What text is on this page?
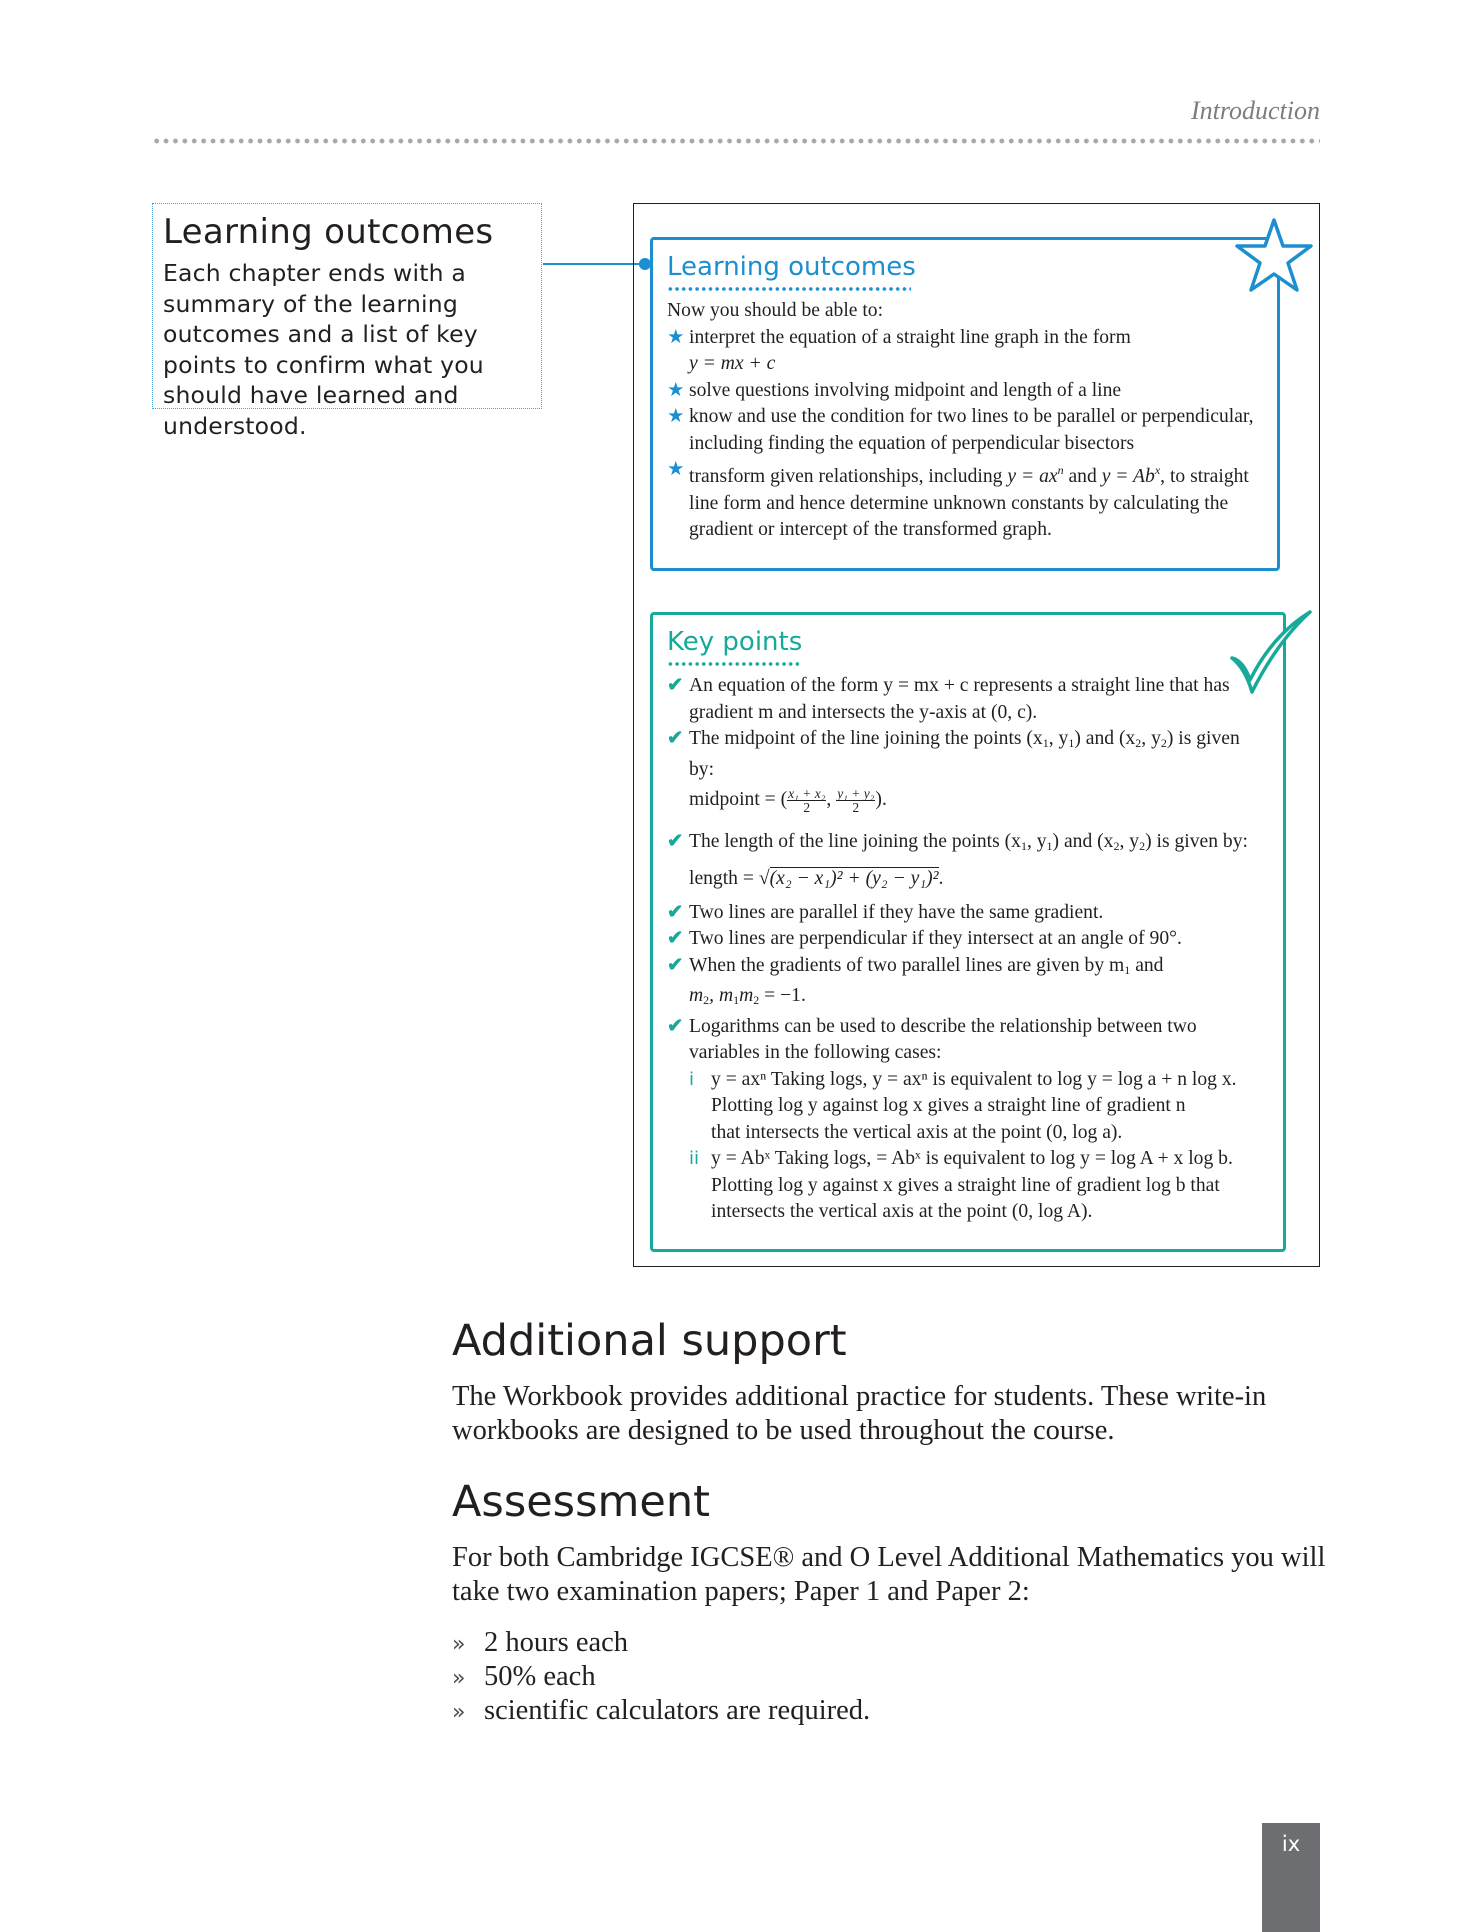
Introduction
Learning outcomes

Each chapter ends with a summary of the learning outcomes and a list of key points to confirm what you should have learned and understood.

Learning outcomes
Now you should be able to:
★ interpret the equation of a straight line graph in the form
y = mx + c
★ solve questions involving midpoint and length of a line
★ know and use the condition for two lines to be parallel or perpendicular, including finding the equation of perpendicular bisectors
★ transform given relationships, including $y = ax^n$ and $y = Ab^x$, to straight line form and hence determine unknown constants by calculating the gradient or intercept of the transformed graph.
Key points
✔ An equation of the form y = mx + c represents a straight line that has gradient m and intersects the y-axis at (0, c).
✔ The midpoint of the line joining the points ($x_1$, $y_1$) and ($x_2$, $y_2$) is given by:
midpoint = ( $\frac{\text{x₁ + x₂}}{2}$ , $\frac{\text{y₁ + y₂}}{2}$ ).
✔ The length of the line joining the points ($x_1$, $y_1$) and ($x_2$, $y_2$) is given by:
length = √(x₂ − x₁)² + (y₂ − y₁)².
✔ Two lines are parallel if they have the same gradient.
✔ Two lines are perpendicular if they intersect at an angle of 90°.
✔ When the gradients of two parallel lines are given by $m_1$ and
$m_2$, $m_1m_2 = -1$.
✔ Logarithms can be used to describe the relationship between two variables in the following cases:
i y = axⁿ Taking logs, y = axⁿ is equivalent to log y = log a + n log x.
Plotting log y against log x gives a straight line of gradient n
that intersects the vertical axis at the point (0, log a).
ii y = Abˣ Taking logs, = Abˣ is equivalent to log y = log A + x log b.
Plotting log y against x gives a straight line of gradient log b that
intersects the vertical axis at the point (0, log A).
Additional support
The Workbook provides additional practice for students. These write-in workbooks are designed to be used throughout the course.
Assessment
For both Cambridge IGCSE® and O Level Additional Mathematics you will take two examination papers; Paper 1 and Paper 2:
» 2 hours each
» 50% each
» scientific calculators are required.
ix
